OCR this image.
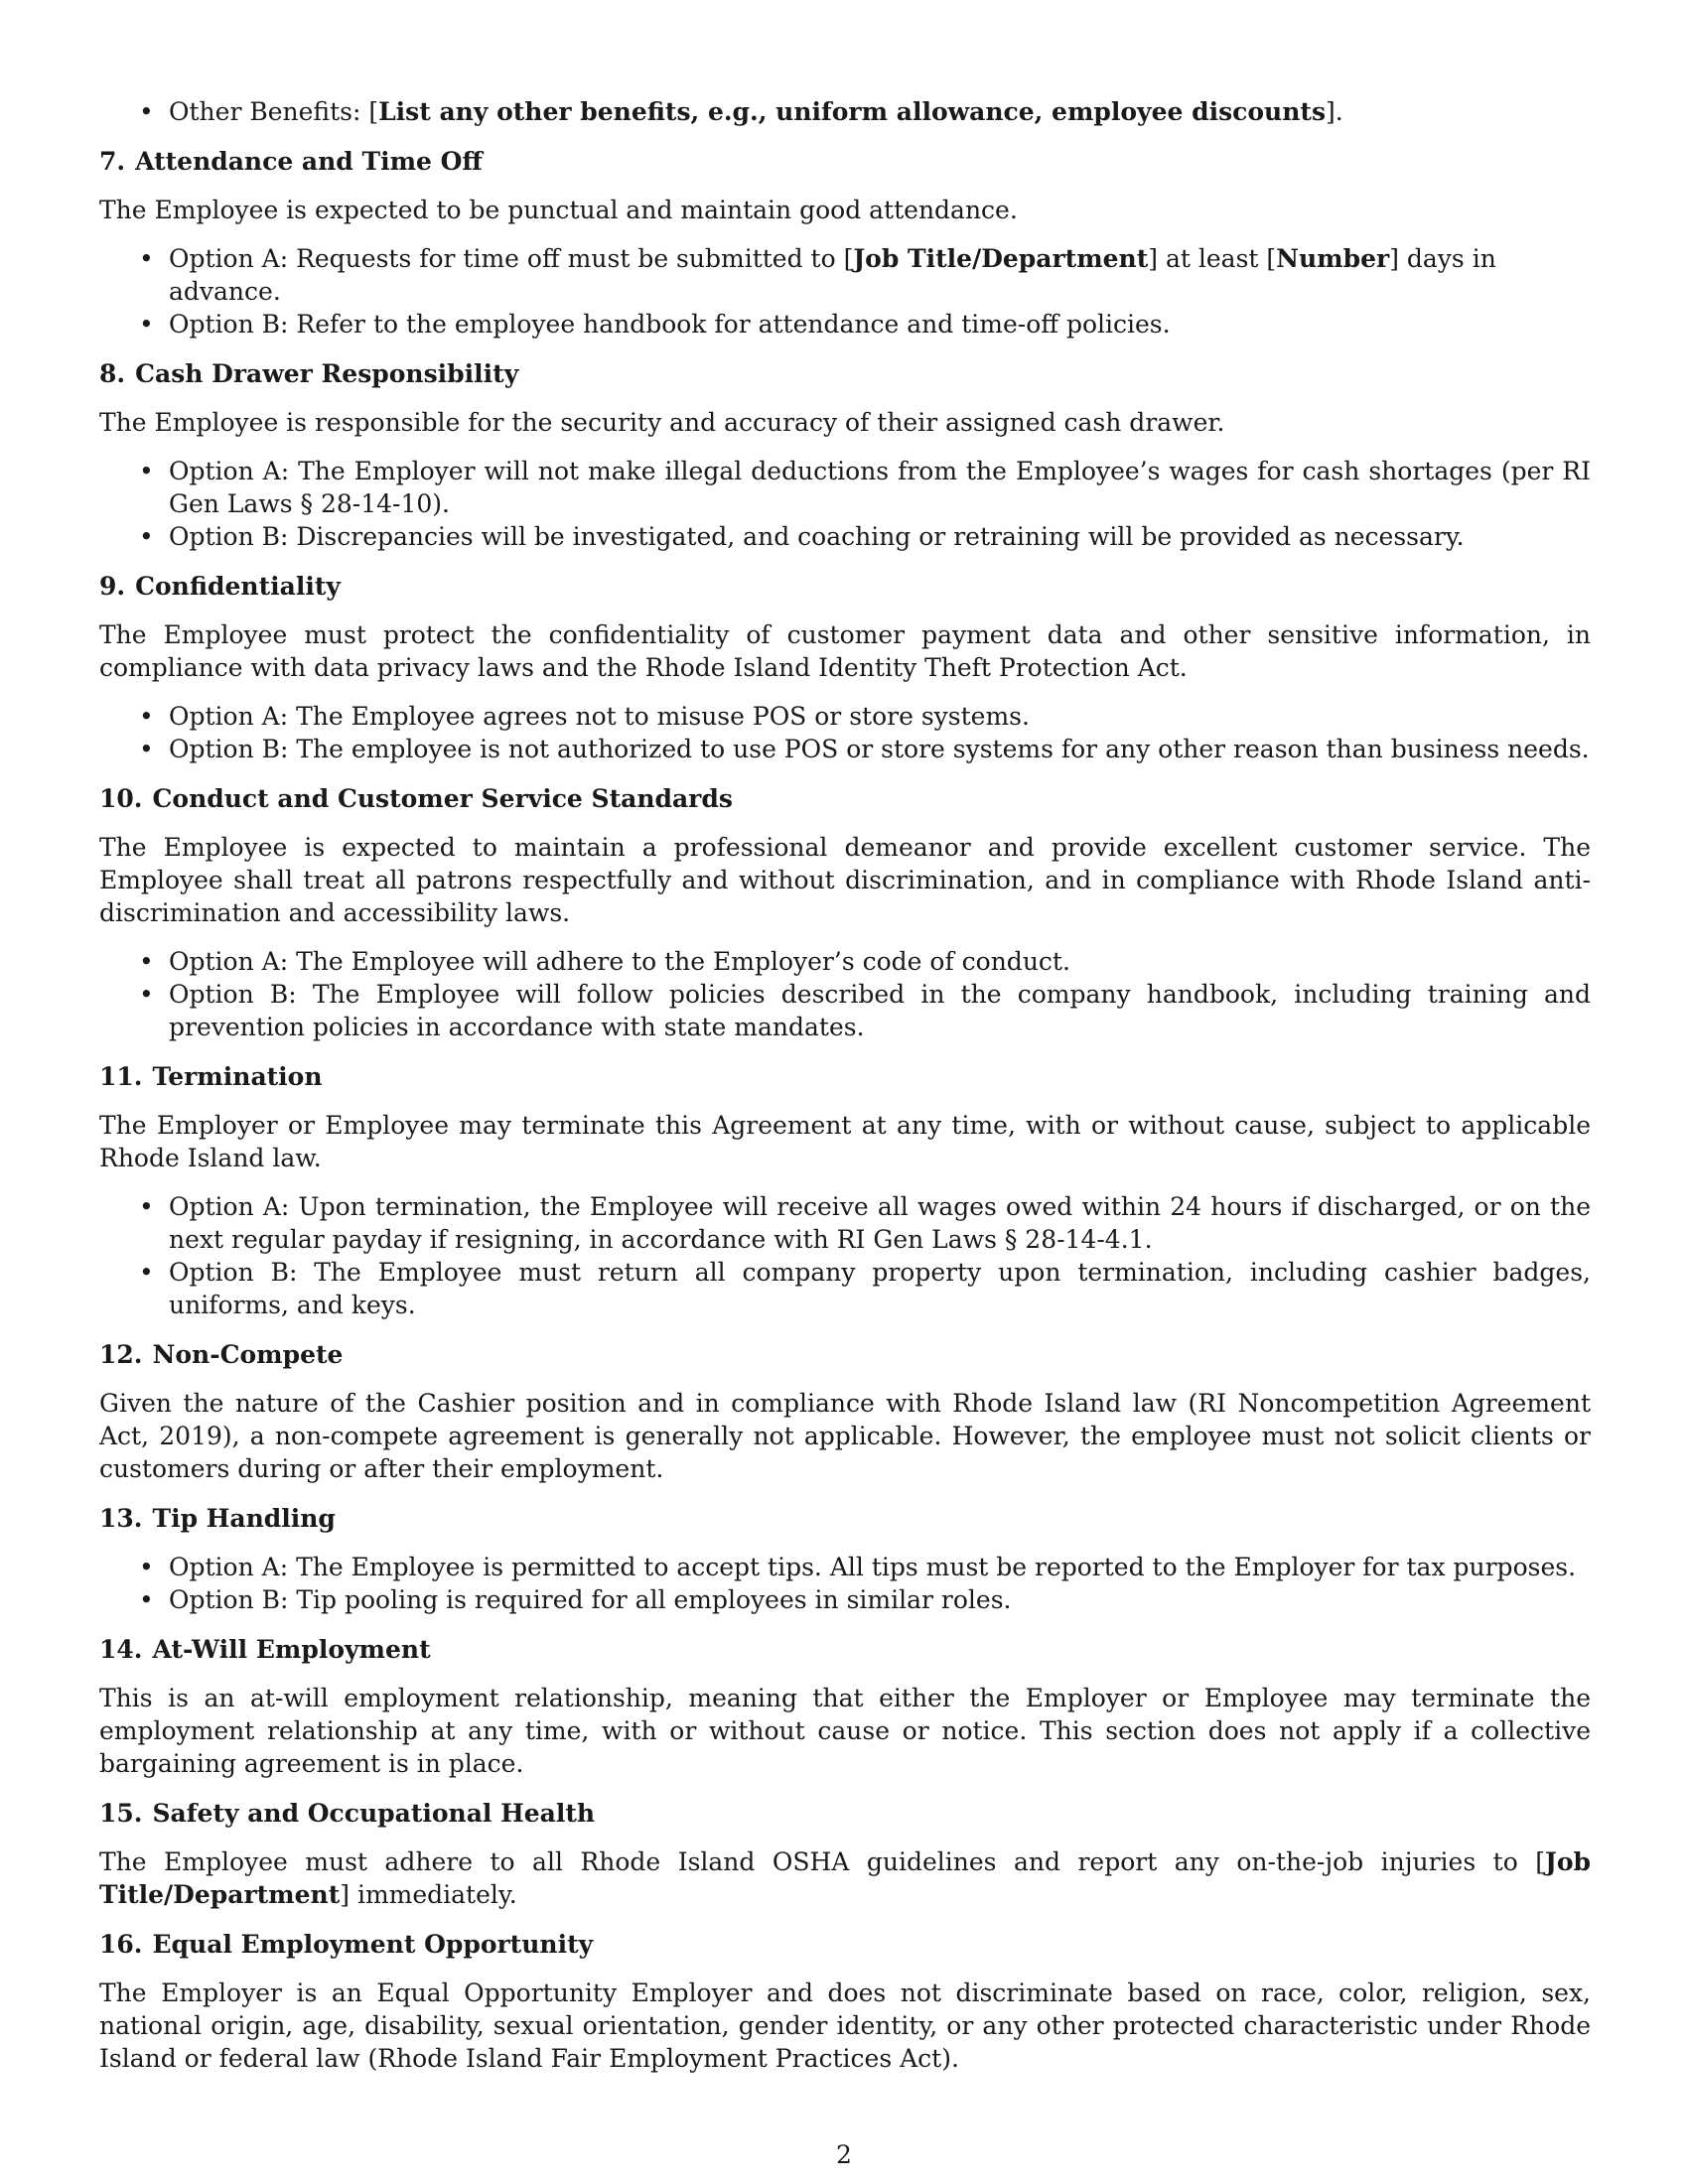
• Other Benefits: [List any other benefits, e.g., uniform allowance, employee discounts].
7. Attendance and Time Off
The Employee is expected to be punctual and maintain good attendance.
• Option A: Requests for time off must be submitted to [Job Title/Department] at least [Number] days in advance.
• Option B: Refer to the employee handbook for attendance and time-off policies.
8. Cash Drawer Responsibility
The Employee is responsible for the security and accuracy of their assigned cash drawer.
• Option A: The Employer will not make illegal deductions from the Employee’s wages for cash shortages (per RI Gen Laws § 28-14-10).
• Option B: Discrepancies will be investigated, and coaching or retraining will be provided as necessary.
9. Confidentiality
The Employee must protect the confidentiality of customer payment data and other sensitive information, in compliance with data privacy laws and the Rhode Island Identity Theft Protection Act.
• Option A: The Employee agrees not to misuse POS or store systems.
• Option B: The employee is not authorized to use POS or store systems for any other reason than business needs.
10. Conduct and Customer Service Standards
The Employee is expected to maintain a professional demeanor and provide excellent customer service. The Employee shall treat all patrons respectfully and without discrimination, and in compliance with Rhode Island anti-discrimination and accessibility laws.
• Option A: The Employee will adhere to the Employer’s code of conduct.
• Option B: The Employee will follow policies described in the company handbook, including training and prevention policies in accordance with state mandates.
11. Termination
The Employer or Employee may terminate this Agreement at any time, with or without cause, subject to applicable Rhode Island law.
• Option A: Upon termination, the Employee will receive all wages owed within 24 hours if discharged, or on the next regular payday if resigning, in accordance with RI Gen Laws § 28-14-4.1.
• Option B: The Employee must return all company property upon termination, including cashier badges, uniforms, and keys.
12. Non-Compete
Given the nature of the Cashier position and in compliance with Rhode Island law (RI Noncompetition Agreement Act, 2019), a non-compete agreement is generally not applicable. However, the employee must not solicit clients or customers during or after their employment.
13. Tip Handling
• Option A: The Employee is permitted to accept tips. All tips must be reported to the Employer for tax purposes.
• Option B: Tip pooling is required for all employees in similar roles.
14. At-Will Employment
This is an at-will employment relationship, meaning that either the Employer or Employee may terminate the employment relationship at any time, with or without cause or notice. This section does not apply if a collective bargaining agreement is in place.
15. Safety and Occupational Health
The Employee must adhere to all Rhode Island OSHA guidelines and report any on-the-job injuries to [Job Title/Department] immediately.
16. Equal Employment Opportunity
The Employer is an Equal Opportunity Employer and does not discriminate based on race, color, religion, sex, national origin, age, disability, sexual orientation, gender identity, or any other protected characteristic under Rhode Island or federal law (Rhode Island Fair Employment Practices Act).
2
